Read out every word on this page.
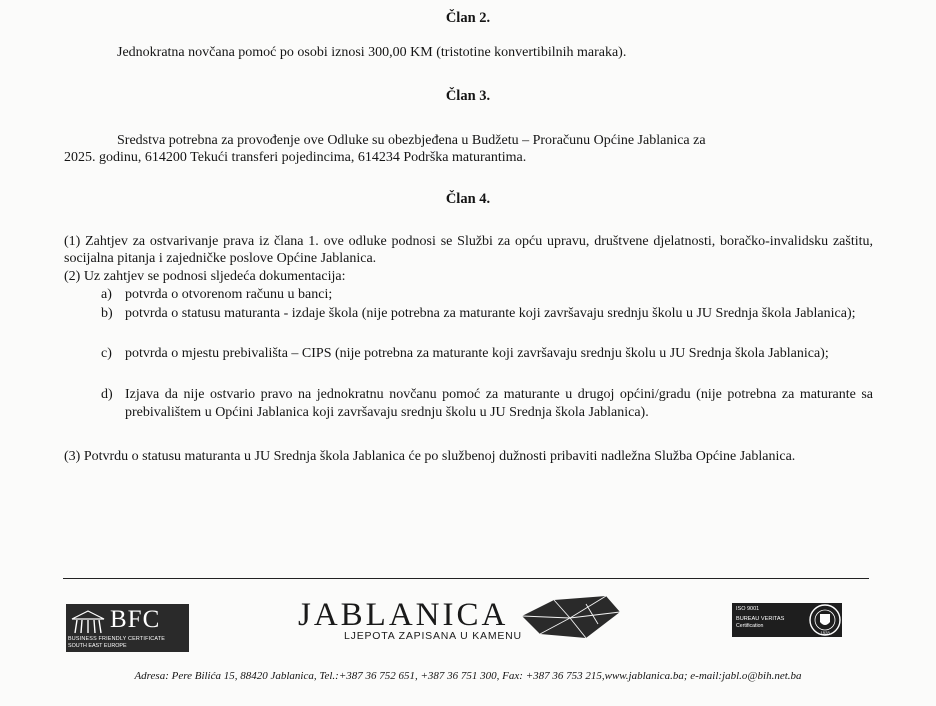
Član 2.
Jednokratna novčana pomoć po osobi iznosi 300,00 KM (tristotine konvertibilnih maraka).
Član 3.
Sredstva potrebna za provođenje ove Odluke su obezbjeđena u Budžetu – Proračunu Općine Jablanica za
2025. godinu, 614200 Tekući transferi pojedincima, 614234 Podrška maturantima.
Član 4.
(1) Zahtjev za ostvarivanje prava iz člana 1. ove odluke podnosi se Službi za opću upravu, društvene djelatnosti, boračko-invalidsku zaštitu, socijalna pitanja i zajedničke poslove Općine Jablanica.
(2) Uz zahtjev se podnosi sljedeća dokumentacija:
a) potvrda o otvorenom računu u banci;
b) potvrda o statusu maturanta - izdaje škola (nije potrebna za maturante koji završavaju srednju školu u JU Srednja škola Jablanica);
c) potvrda o mjestu prebivališta – CIPS (nije potrebna za maturante koji završavaju srednju školu u JU Srednja škola Jablanica);
d) Izjava da nije ostvario pravo na jednokratnu novčanu pomoć za maturante u drugoj općini/gradu (nije potrebna za maturante sa prebivalištem u Općini Jablanica koji završavaju srednju školu u JU Srednja škola Jablanica).
(3) Potvrdu o statusu maturanta u JU Srednja škola Jablanica će po službenoj dužnosti pribaviti nadležna Služba Općine Jablanica.
BFC
BUSINESS FRIENDLY CERTIFICATE
SOUTH EAST EUROPE
JABLANICA
LJEPOTA ZAPISANA U KAMENU
ISO 9001
BUREAU VERITAS
Certification
1828
Adresa: Pere Bilića 15, 88420 Jablanica, Tel.:+387 36 752 651, +387 36 751 300, Fax: +387 36 753 215,www.jablanica.ba; e-mail:jabl.o@bih.net.ba
